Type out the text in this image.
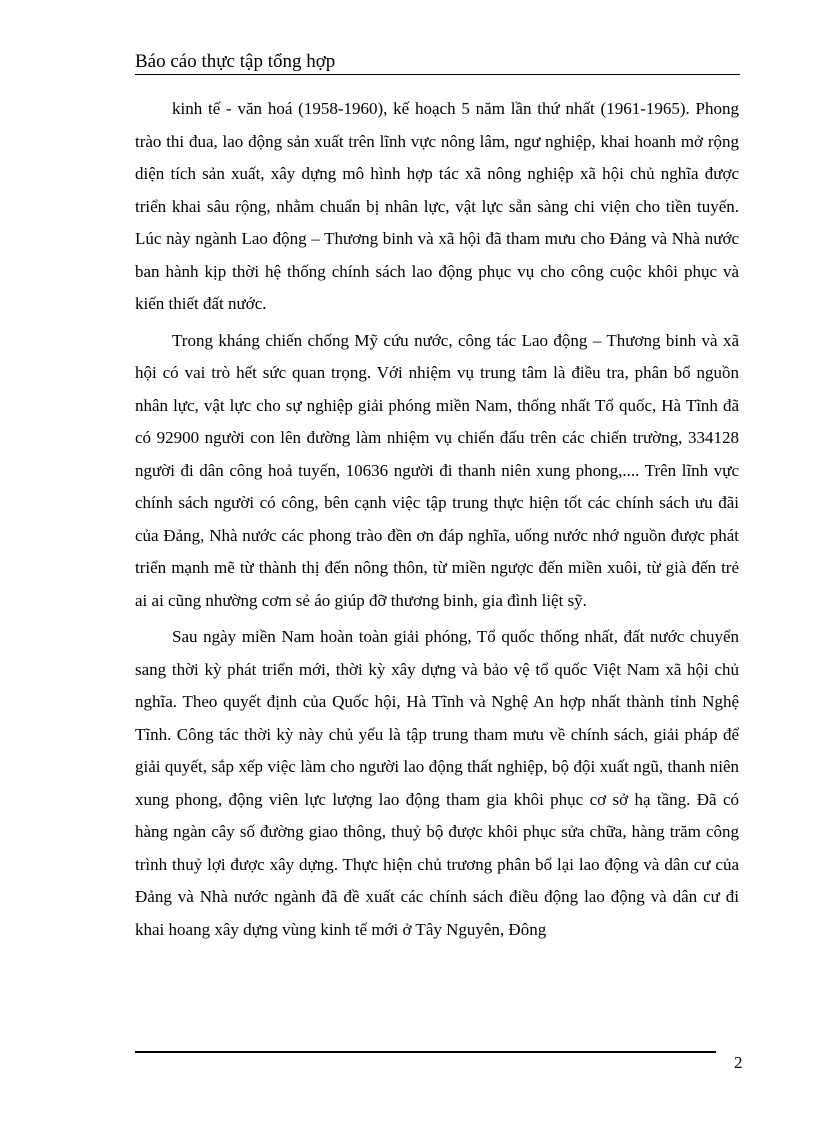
Báo cáo thực tập tổng hợp

kinh tế - văn hoá (1958-1960), kế hoạch 5 năm lần thứ nhất (1961-1965). Phong trào thi đua, lao động sản xuất trên lĩnh vực nông lâm, ngư nghiệp, khai hoanh mở rộng diện tích sản xuất, xây dựng mô hình hợp tác xã nông nghiệp xã hội chủ nghĩa được triển khai sâu rộng, nhằm chuẩn bị nhân lực, vật lực sẵn sàng chi viện cho tiền tuyến. Lúc này ngành Lao động – Thương binh và xã hội đã tham mưu cho Đảng và Nhà nước ban hành kịp thời hệ thống chính sách lao động phục vụ cho công cuộc khôi phục và kiến thiết đất nước.

Trong kháng chiến chống Mỹ cứu nước, công tác Lao động – Thương binh và xã hội có vai trò hết sức quan trọng. Với nhiệm vụ trung tâm là điều tra, phân bổ nguồn nhân lực, vật lực cho sự nghiệp giải phóng miền Nam, thống nhất Tổ quốc, Hà Tĩnh đã có 92900 người con lên đường làm nhiệm vụ chiến đấu trên các chiến trường, 334128 người đi dân công hoả tuyến, 10636 người đi thanh niên xung phong,.... Trên lĩnh vực chính sách người có công, bên cạnh việc tập trung thực hiện tốt các chính sách ưu đãi của Đảng, Nhà nước các phong trào đền ơn đáp nghĩa, uống nước nhớ nguồn được phát triển mạnh mẽ từ thành thị đến nông thôn, từ miền ngược đến miền xuôi, từ già đến trẻ ai ai cũng nhường cơm sẻ áo giúp đỡ thương binh, gia đình liệt sỹ.

Sau ngày miền Nam hoàn toàn giải phóng, Tổ quốc thống nhất, đất nước chuyển sang thời kỳ phát triển mới, thời kỳ xây dựng và bảo vệ tổ quốc Việt Nam xã hội chủ nghĩa. Theo quyết định của Quốc hội, Hà Tĩnh và Nghệ An hợp nhất thành tỉnh Nghệ Tĩnh. Công tác thời kỳ này chủ yếu là tập trung tham mưu về chính sách, giải pháp để giải quyết, sắp xếp việc làm cho người lao động thất nghiệp, bộ đội xuất ngũ, thanh niên xung phong, động viên lực lượng lao động tham gia khôi phục cơ sở hạ tầng. Đã có hàng ngàn cây số đường giao thông, thuỷ bộ được khôi phục sửa chữa, hàng trăm công trình thuỷ lợi được xây dựng. Thực hiện chủ trương phân bổ lại lao động và dân cư của Đảng và Nhà nước ngành đã đề xuất các chính sách điều động lao động và dân cư đi khai hoang xây dựng vùng kinh tế mới ở Tây Nguyên, Đông

2
